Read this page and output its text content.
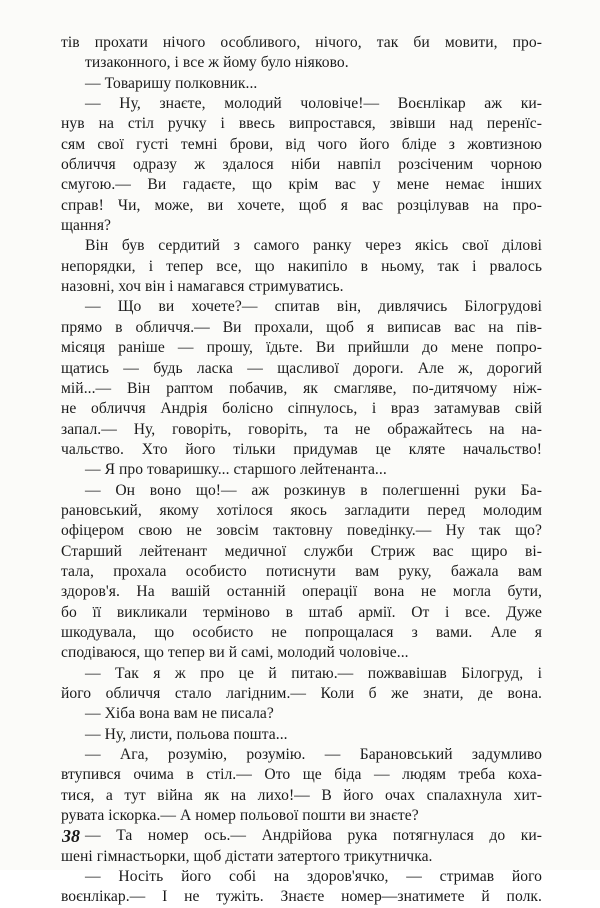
тів прохати нічого особливого, нічого, так би мовити, про-
тизаконного, і все ж йому було ніяково.
— Товаришу полковник...
— Ну, знаєте, молодий чоловіче!— Воєнлікар аж ки-
нув на стіл ручку і ввесь випростався, звівши над перенїс-
сям свої густі темні брови, від чого його бліде з жовтизною
обличчя одразу ж здалося ніби навпіл розсіченим чорною
смугою.— Ви гадаєте, що крім вас у мене немає інших
справ! Чи, може, ви хочете, щоб я вас розцілував на про-
щання?
Він був сердитий з самого ранку через якісь свої ділові
непорядки, і тепер все, що накипіло в ньому, так і рвалось
назовні, хоч він і намагався стримуватись.
— Що ви хочете?— спитав він, дивлячись Білогрудові
прямо в обличчя.— Ви прохали, щоб я виписав вас на пів-
місяця раніше — прошу, їдьте. Ви прийшли до мене попро-
щатись — будь ласка — щасливої дороги. Але ж, дорогий
мій...— Він раптом побачив, як смагляве, по-дитячому ніж-
не обличчя Андрія болісно сіпнулось, і враз затамував свій
запал.— Ну, говоріть, говоріть, та не ображайтесь на на-
чальство. Хто його тільки придумав це кляте начальство!
— Я про товаришку... старшого лейтенанта...
— Он воно що!— аж розкинув в полегшенні руки Ба-
рановський, якому хотілося якось загладити перед молодим
офіцером свою не зовсім тактовну поведінку.— Ну так що?
Старший лейтенант медичної служби Стриж вас щиро ві-
тала, прохала особисто потиснути вам руку, бажала вам
здоров'я. На вашій останній операції вона не могла бути,
бо її викликали терміново в штаб армії. От і все. Дуже
шкодувала, що особисто не попрощалася з вами. Але я
сподіваюся, що тепер ви й самі, молодий чоловіче...
— Так я ж про це й питаю.— пожвавішав Білогруд, і
його обличчя стало лагідним.— Коли б же знати, де вона.
— Хіба вона вам не писала?
— Ну, листи, польова пошта...
— Ага, розумію, розумію. — Барановський задумливо
втупився очима в стіл.— Ото ще біда — людям треба коха-
тися, а тут війна як на лихо!— В його очах спалахнула хит-
рувата іскорка.— А номер польової пошти ви знаєте?
— Та номер ось.— Андрійова рука потягнулася до ки-
шені гімнастьорки, щоб дістати затертого трикутничка.
— Носіть його собі на здоров'ячко, — стримав його
воєнлікар.— І не тужіть. Знаєте номер—знатимете й полк.
38
